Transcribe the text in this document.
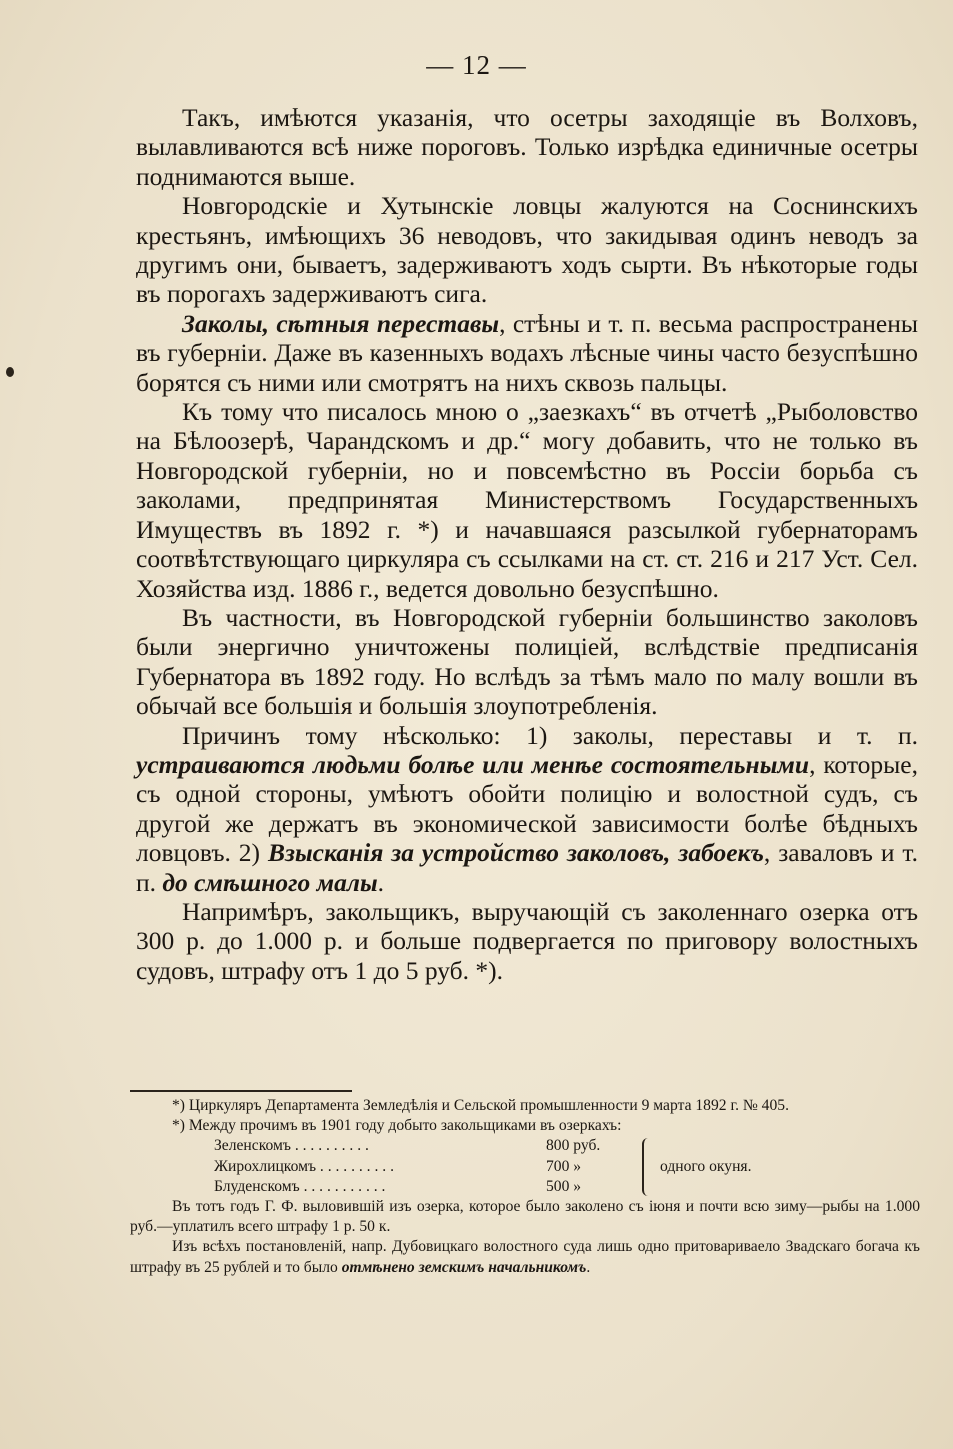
— 12 —

Такъ, имѣются указанія, что осетры заходящіе въ Волховъ, вылавливаются всѣ ниже пороговъ. Только изрѣдка единичные осетры поднимаются выше.

Новгородскіе и Хутынскіе ловцы жалуются на Соснинскихъ крестьянъ, имѣющихъ 36 неводовъ, что закидывая одинъ неводъ за другимъ они, бываетъ, задерживаютъ ходъ сырти. Въ нѣкоторые годы въ порогахъ задерживаютъ сига.

Заколы, сѣтныя переставы, стѣны и т. п. весьма распространены въ губерніи. Даже въ казенныхъ водахъ лѣсные чины часто безуспѣшно борятся съ ними или смотрятъ на нихъ сквозь пальцы.

Къ тому что писалось мною о „заезкахъ“ въ отчетѣ „Рыболовство на Бѣлоозерѣ, Чарандскомъ и др.“ могу добавить, что не только въ Новгородской губерніи, но и повсемѣстно въ Россіи борьба съ заколами, предпринятая Министерствомъ Государственныхъ Имуществъ въ 1892 г. *) и начавшаяся разсылкой губернаторамъ соотвѣтствующаго циркуляра съ ссылками на ст. ст. 216 и 217 Уст. Сел. Хозяйства изд. 1886 г., ведется довольно безуспѣшно.

Въ частности, въ Новгородской губерніи большинство заколовъ были энергично уничтожены полиціей, вслѣдствіе предписанія Губернатора въ 1892 году. Но вслѣдъ за тѣмъ мало по малу вошли въ обычай все большія и большія злоупотребленія.

Причинъ тому нѣсколько: 1) заколы, переставы и т. п. устраиваются людьми болѣе или менѣе состоятельными, которые, съ одной стороны, умѣютъ обойти полицію и волостной судъ, съ другой же держатъ въ экономической зависимости болѣе бѣдныхъ ловцовъ. 2) Взысканія за устройство заколовъ, забоекъ, заваловъ и т. п. до смѣшного малы.

Напримѣръ, закольщикъ, выручающій съ заколеннаго озерка отъ 300 р. до 1.000 р. и больше подвергается по приговору волостныхъ судовъ, штрафу отъ 1 до 5 руб. *).

*) Циркуляръ Департамента Земледѣлія и Сельской промышленности 9 марта 1892 г. № 405.

*) Между прочимъ въ 1901 году добыто закольщиками въ озеркахъ:

Зеленскомъ . . . . . . . . . .	800 руб.		одного окуня.
Жирохлицкомъ . . . . . . . . . .	700 »		
Блуденскомъ . . . . . . . . . . .	500 »		

Въ тотъ годъ Г. Ф. выловившій изъ озерка, которое было заколено съ іюня и почти всю зиму—рыбы на 1.000 руб.—уплатилъ всего штрафу 1 р. 50 к.

Изъ всѣхъ постановленій, напр. Дубовицкаго волостного суда лишь одно притовариваело Звадскаго богача къ штрафу въ 25 рублей и то было отмѣнено земскимъ начальникомъ.
